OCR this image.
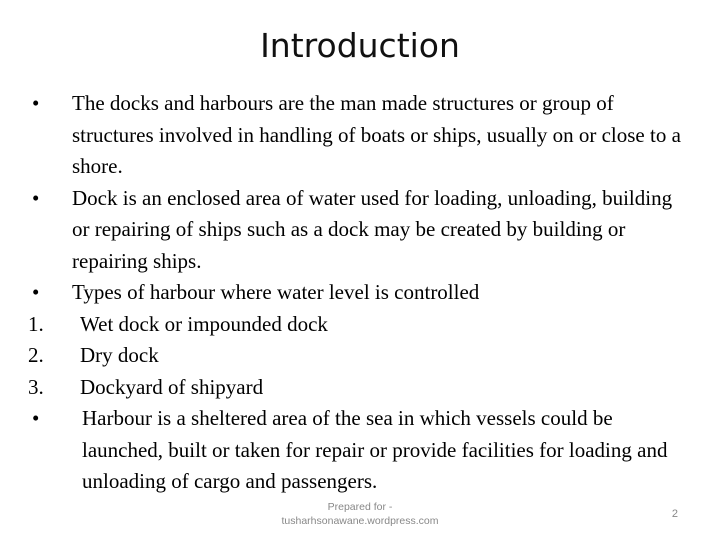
Introduction
•	The docks and harbours are the man made structures or group of structures involved in handling of boats or ships, usually on or close to a shore.
•	Dock is an enclosed area of water used for loading, unloading, building or repairing of ships such as a dock may be created by building or repairing ships.
•	Types of harbour where water level is controlled
1.	Wet dock or impounded dock
2.	Dry dock
3.	Dockyard of shipyard
•	Harbour is a sheltered area of the sea in which vessels could be launched, built or taken for repair or provide facilities for loading and unloading of cargo and passengers.
Prepared for -
tusharhsonawane.wordpress.com
2
